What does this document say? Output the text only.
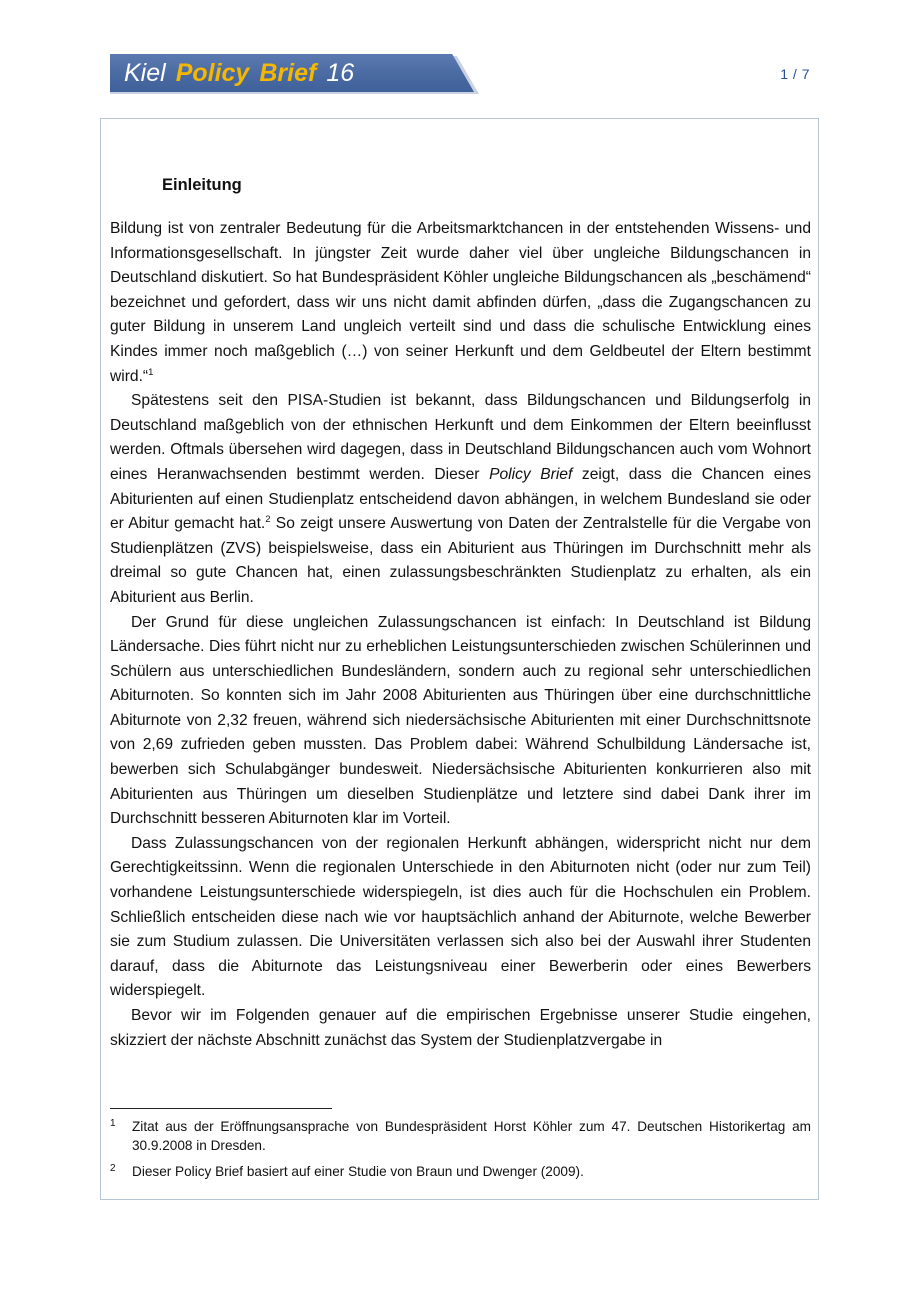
Kiel Policy Brief 16	1 / 7
Einleitung

Bildung ist von zentraler Bedeutung für die Arbeitsmarktchancen in der entstehenden Wissens- und Informationsgesellschaft. In jüngster Zeit wurde daher viel über ungleiche Bildungschancen in Deutschland diskutiert. So hat Bundespräsident Köhler ungleiche Bildungschancen als „beschämend“ bezeichnet und gefordert, dass wir uns nicht damit abfinden dürfen, „dass die Zugangschancen zu guter Bildung in unserem Land ungleich verteilt sind und dass die schulische Entwicklung eines Kindes immer noch maßgeblich (…) von seiner Herkunft und dem Geldbeutel der Eltern bestimmt wird.“$^1$

Spätestens seit den PISA-Studien ist bekannt, dass Bildungschancen und Bildungserfolg in Deutschland maßgeblich von der ethnischen Herkunft und dem Einkommen der Eltern beeinflusst werden. Oftmals übersehen wird dagegen, dass in Deutschland Bildungschancen auch vom Wohnort eines Heranwachsenden bestimmt werden. Dieser Policy Brief zeigt, dass die Chancen eines Abiturienten auf einen Studienplatz entscheidend davon abhängen, in welchem Bundesland sie oder er Abitur gemacht hat.$^2$ So zeigt unsere Auswertung von Daten der Zentralstelle für die Vergabe von Studienplätzen (ZVS) beispielsweise, dass ein Abiturient aus Thüringen im Durchschnitt mehr als dreimal so gute Chancen hat, einen zulassungsbeschränkten Studienplatz zu erhalten, als ein Abiturient aus Berlin.

Der Grund für diese ungleichen Zulassungschancen ist einfach: In Deutschland ist Bildung Ländersache. Dies führt nicht nur zu erheblichen Leistungsunterschieden zwischen Schülerinnen und Schülern aus unterschiedlichen Bundesländern, sondern auch zu regional sehr unterschiedlichen Abiturnoten. So konnten sich im Jahr 2008 Abiturienten aus Thüringen über eine durchschnittliche Abiturnote von 2,32 freuen, während sich niedersächsische Abiturienten mit einer Durchschnittsnote von 2,69 zufrieden geben mussten. Das Problem dabei: Während Schulbildung Ländersache ist, bewerben sich Schulabgänger bundesweit. Niedersächsische Abiturienten konkurrieren also mit Abiturienten aus Thüringen um dieselben Studienplätze und letztere sind dabei Dank ihrer im Durchschnitt besseren Abiturnoten klar im Vorteil.

Dass Zulassungschancen von der regionalen Herkunft abhängen, widerspricht nicht nur dem Gerechtigkeitssinn. Wenn die regionalen Unterschiede in den Abiturnoten nicht (oder nur zum Teil) vorhandene Leistungsunterschiede widerspiegeln, ist dies auch für die Hochschulen ein Problem. Schließlich entscheiden diese nach wie vor hauptsächlich anhand der Abiturnote, welche Bewerber sie zum Studium zulassen. Die Universitäten verlassen sich also bei der Auswahl ihrer Studenten darauf, dass die Abiturnote das Leistungsniveau einer Bewerberin oder eines Bewerbers widerspiegelt.

Bevor wir im Folgenden genauer auf die empirischen Ergebnisse unserer Studie eingehen, skizziert der nächste Abschnitt zunächst das System der Studienplatzvergabe in

1 Zitat aus der Eröffnungsansprache von Bundespräsident Horst Köhler zum 47. Deutschen Historikertag am 30.9.2008 in Dresden.
2 Dieser Policy Brief basiert auf einer Studie von Braun und Dwenger (2009).
